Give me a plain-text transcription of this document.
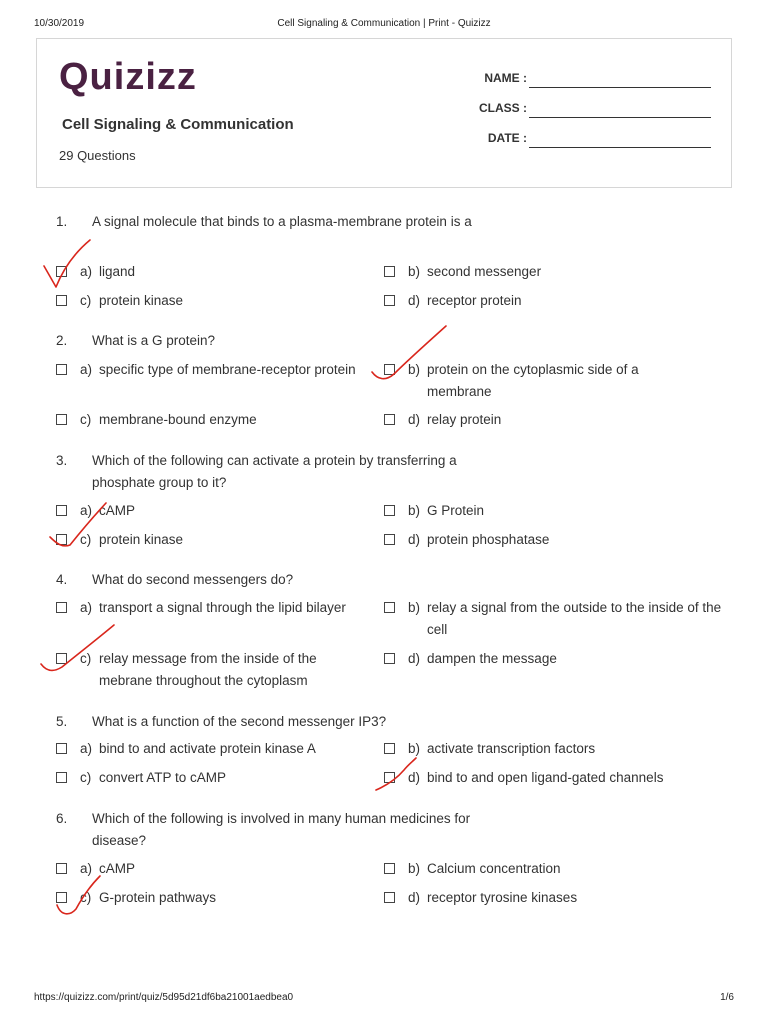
10/30/2019	Cell Signaling & Communication | Print - Quizizz
Quizizz
Cell Signaling & Communication
29 Questions
NAME :
CLASS :
DATE :
1. A signal molecule that binds to a plasma-membrane protein is a
a) ligand	b) second messenger
c) protein kinase	d) receptor protein
2. What is a G protein?
a) specific type of membrane-receptor protein	b) protein on the cytoplasmic side of a membrane
c) membrane-bound enzyme	d) relay protein
3. Which of the following can activate a protein by transferring a phosphate group to it?
a) cAMP	b) G Protein
c) protein kinase	d) protein phosphatase
4. What do second messengers do?
a) transport a signal through the lipid bilayer	b) relay a signal from the outside to the inside of the cell
c) relay message from the inside of the mebrane throughout the cytoplasm
d) dampen the message
5. What is a function of the second messenger IP3?
a) bind to and activate protein kinase A	b) activate transcription factors
c) convert ATP to cAMP	d) bind to and open ligand-gated channels
6. Which of the following is involved in many human medicines for disease?
a) cAMP	b) Calcium concentration
c) G-protein pathways	d) receptor tyrosine kinases
https://quizizz.com/print/quiz/5d95d21df6ba21001aedbea0	1/6
